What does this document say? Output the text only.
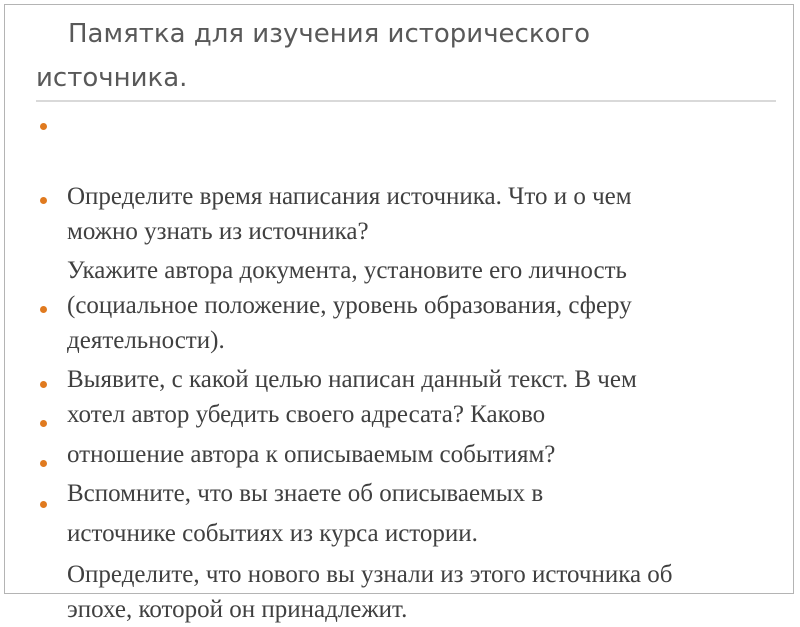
Памятка для изучения исторического
источника.

Определите время написания источника. Что и о чем
можно узнать из источника?

Укажите автора документа, установите его личность
(социальное положение, уровень образования, сферу
деятельности).

Выявите, с какой целью написан данный текст. В чем
хотел автор убедить своего адресата? Каково

отношение автора к описываемым событиям?

Вспомните, что вы знаете об описываемых в

источнике событиях из курса истории.

Определите, что нового вы узнали из этого источника об
эпохе, которой он принадлежит.
